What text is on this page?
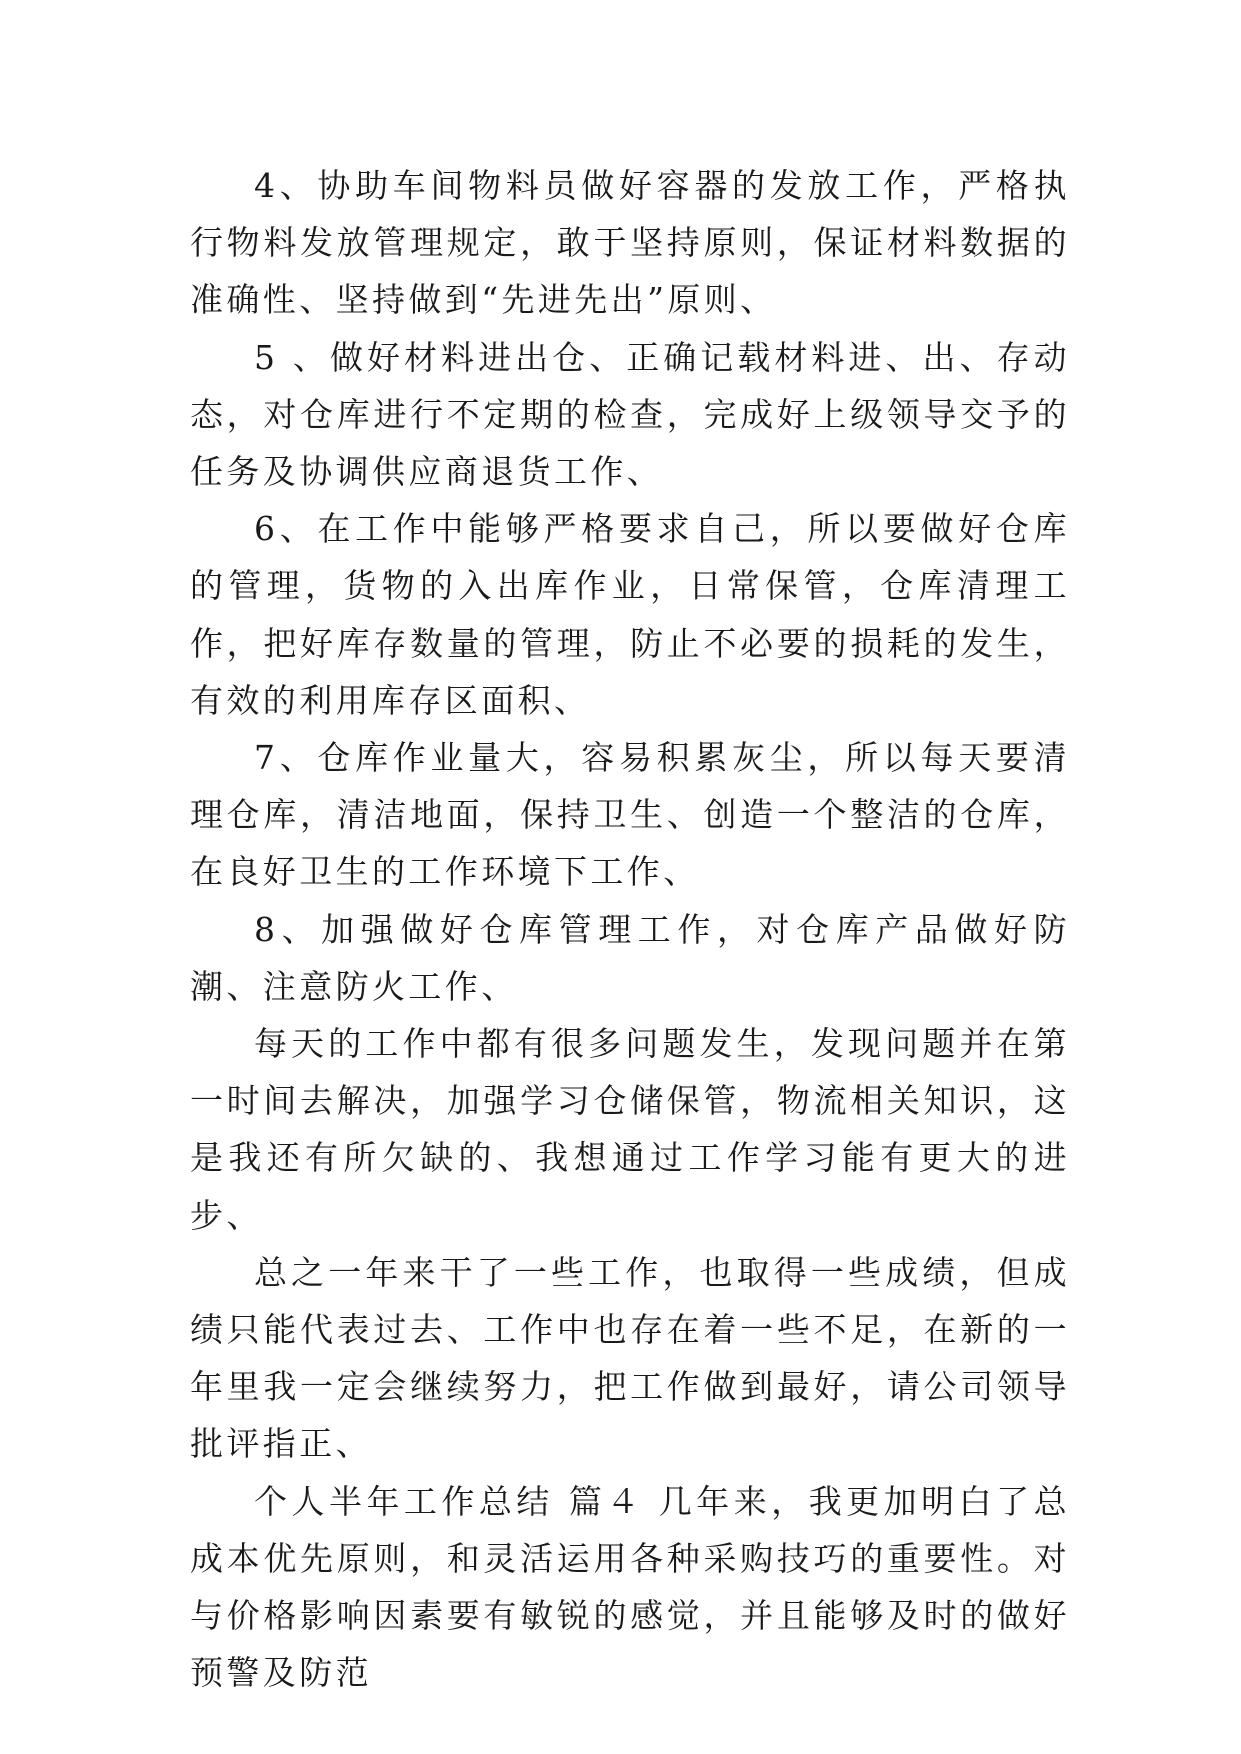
4、协助车间物料员做好容器的发放工作，严格执行物料发放管理规定，敢于坚持原则，保证材料数据的准确性、坚持做到“先进先出”原则、

5 、做好材料进出仓、正确记载材料进、出、存动态，对仓库进行不定期的检查，完成好上级领导交予的任务及协调供应商退货工作、

6、在工作中能够严格要求自己，所以要做好仓库的管理，货物的入出库作业，日常保管，仓库清理工作，把好库存数量的管理，防止不必要的损耗的发生，有效的利用库存区面积、

7、仓库作业量大，容易积累灰尘，所以每天要清理仓库，清洁地面，保持卫生、创造一个整洁的仓库，在良好卫生的工作环境下工作、

8、加强做好仓库管理工作，对仓库产品做好防潮、注意防火工作、

每天的工作中都有很多问题发生，发现问题并在第一时间去解决，加强学习仓储保管，物流相关知识，这是我还有所欠缺的、我想通过工作学习能有更大的进步、

总之一年来干了一些工作，也取得一些成绩，但成绩只能代表过去、工作中也存在着一些不足，在新的一年里我一定会继续努力，把工作做到最好，请公司领导批评指正、

个人半年工作总结 篇４ 几年来，我更加明白了总成本优先原则，和灵活运用各种采购技巧的重要性。对与价格影响因素要有敏锐的感觉，并且能够及时的做好预警及防范
